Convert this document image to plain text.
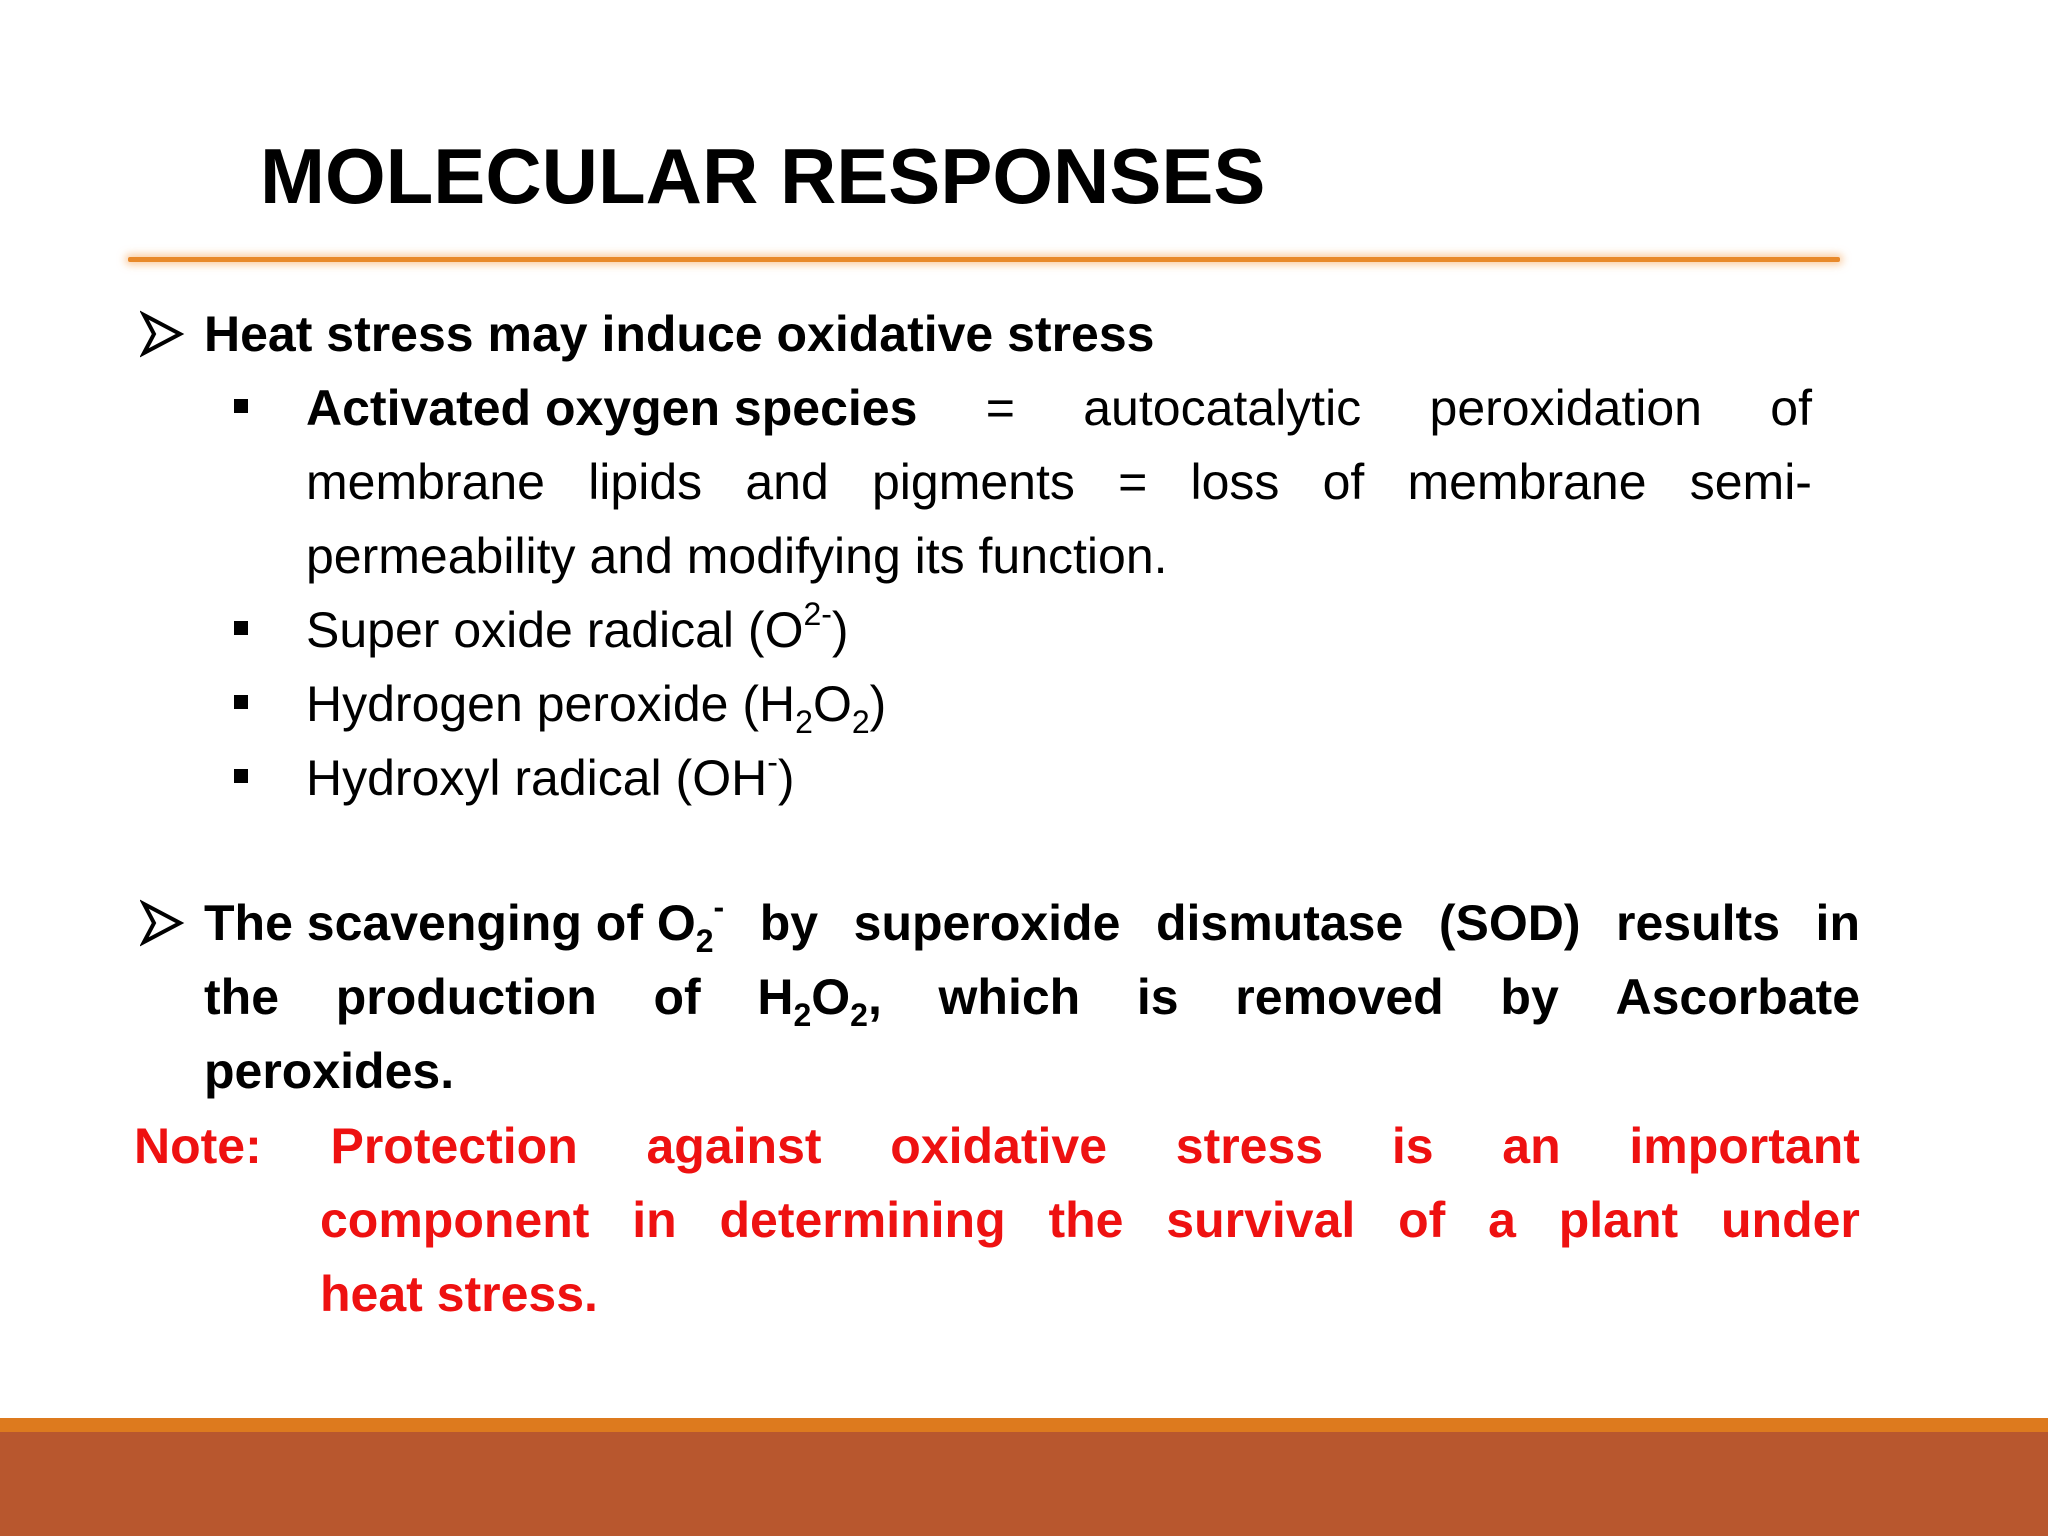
MOLECULAR RESPONSES
Heat stress may induce oxidative stress
Activated oxygen species = autocatalytic peroxidation of
membrane lipids and pigments = loss of membrane semi-
permeability and modifying its function.
Super oxide radical $(O^{2-})$
Hydrogen peroxide $(H_2O_2)$
Hydroxyl radical (OH-)
The scavenging of $O_2^-$ by superoxide dismutase (SOD) results in
the production of $H_2O_2$, which is removed by Ascorbate
peroxides.
Note: Protection against oxidative stress is an important
component in determining the survival of a plant under
heat stress.
